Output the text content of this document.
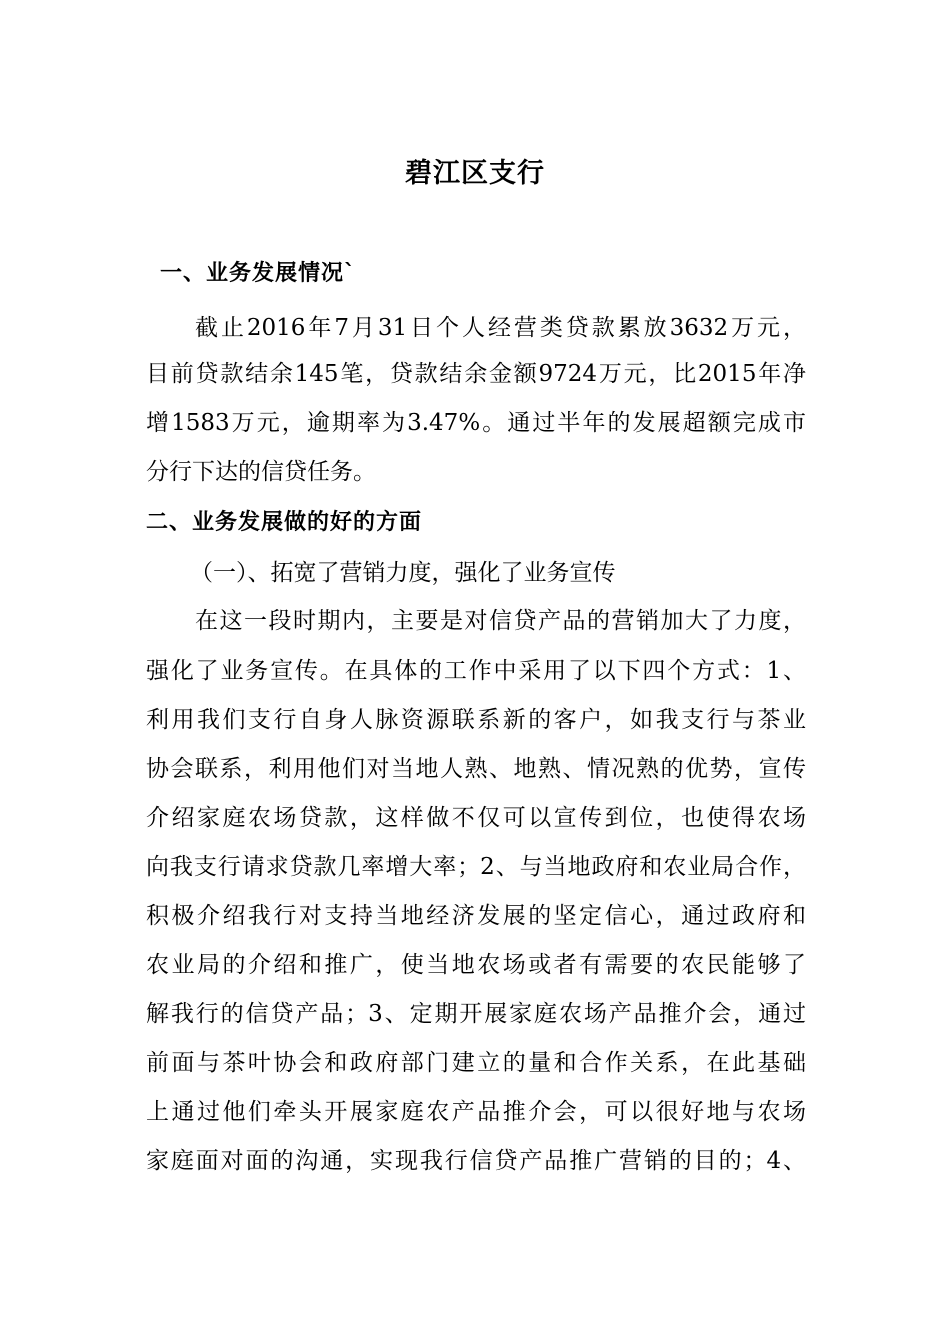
碧江区支行
一、业务发展情况`
截止2016年7月31日个人经营类贷款累放3632万元，
目前贷款结余145笔，贷款结余金额9724万元，比2015年净
增1583万元，逾期率为3.47%。通过半年的发展超额完成市
分行下达的信贷任务。
二、业务发展做的好的方面
（一）、拓宽了营销力度，强化了业务宣传
在这一段时期内，主要是对信贷产品的营销加大了力度，
强化了业务宣传。在具体的工作中采用了以下四个方式：1、
利用我们支行自身人脉资源联系新的客户，如我支行与茶业
协会联系，利用他们对当地人熟、地熟、情况熟的优势，宣传
介绍家庭农场贷款，这样做不仅可以宣传到位，也使得农场
向我支行请求贷款几率增大率；2、与当地政府和农业局合作，
积极介绍我行对支持当地经济发展的坚定信心，通过政府和
农业局的介绍和推广，使当地农场或者有需要的农民能够了
解我行的信贷产品；3、定期开展家庭农场产品推介会，通过
前面与茶叶协会和政府部门建立的量和合作关系，在此基础
上通过他们牵头开展家庭农产品推介会，可以很好地与农场
家庭面对面的沟通，实现我行信贷产品推广营销的目的；4、
